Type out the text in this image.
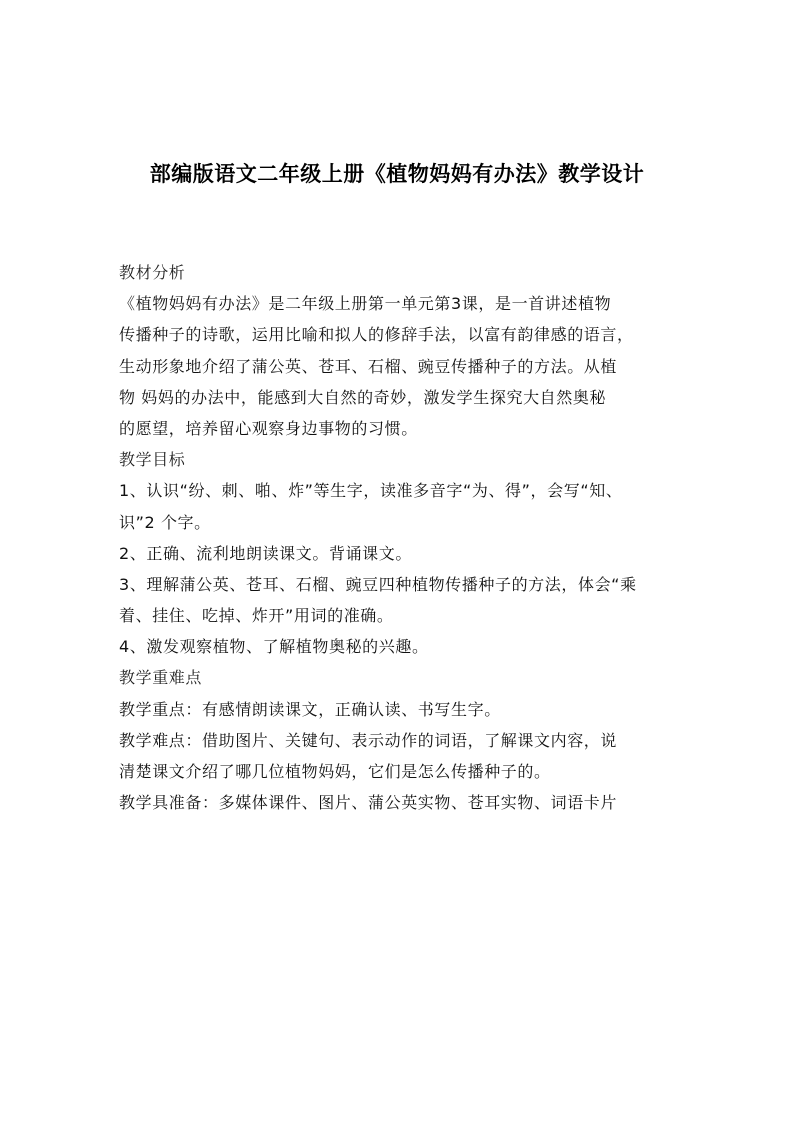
部编版语文二年级上册《植物妈妈有办法》教学设计
教材分析
《植物妈妈有办法》是二年级上册第一单元第3课，是一首讲述植物
传播种子的诗歌，运用比喻和拟人的修辞手法，以富有韵律感的语言，
生动形象地介绍了蒲公英、苍耳、石榴、豌豆传播种子的方法。从植
物 妈妈的办法中，能感到大自然的奇妙，激发学生探究大自然奥秘
的愿望，培养留心观察身边事物的习惯。
教学目标
1、认识“纷、刺、啪、炸”等生字，读准多音字“为、得”，会写“知、
识”2 个字。
2、正确、流利地朗读课文。背诵课文。
3、理解蒲公英、苍耳、石榴、豌豆四种植物传播种子的方法，体会“乘
着、挂住、吃掉、炸开”用词的准确。
4、激发观察植物、了解植物奥秘的兴趣。
教学重难点
教学重点：有感情朗读课文，正确认读、书写生字。
教学难点：借助图片、关键句、表示动作的词语，了解课文内容，说
清楚课文介绍了哪几位植物妈妈，它们是怎么传播种子的。
教学具准备：多媒体课件、图片、蒲公英实物、苍耳实物、词语卡片
